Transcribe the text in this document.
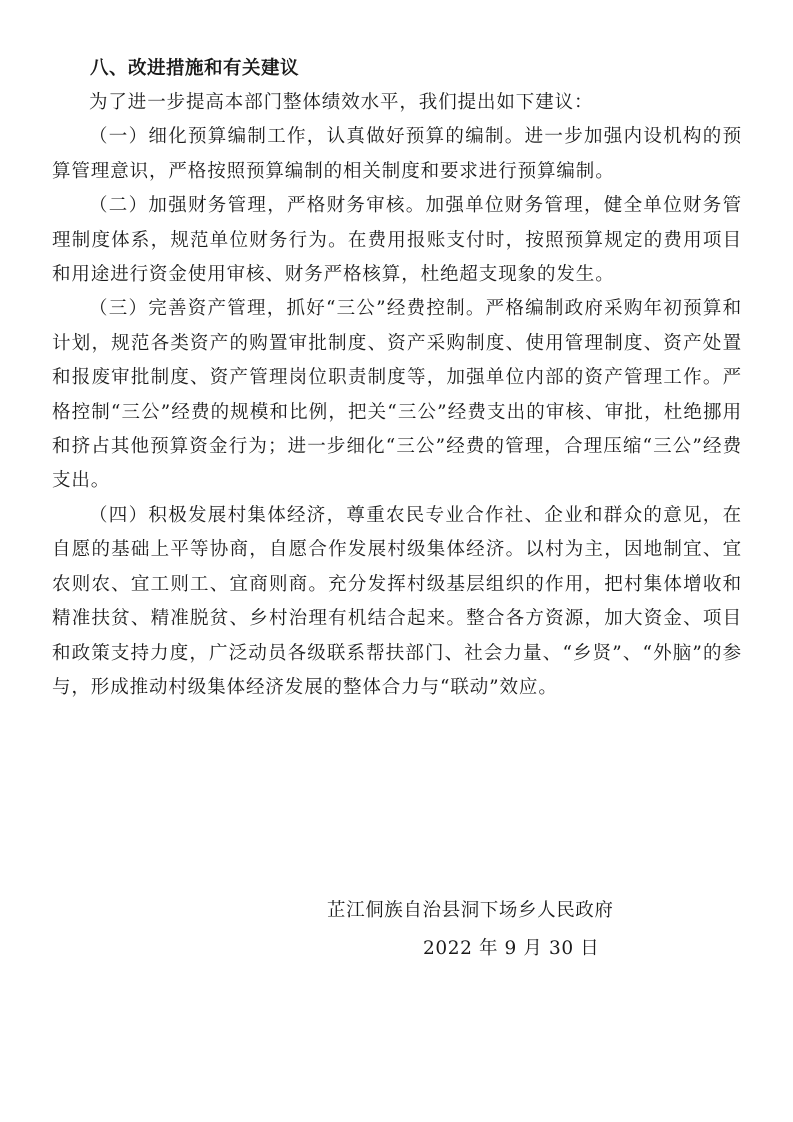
八、改进措施和有关建议

为了进一步提高本部门整体绩效水平，我们提出如下建议：

（一）细化预算编制工作，认真做好预算的编制。进一步加强内设机构的预算管理意识，严格按照预算编制的相关制度和要求进行预算编制。

（二）加强财务管理，严格财务审核。加强单位财务管理，健全单位财务管理制度体系，规范单位财务行为。在费用报账支付时，按照预算规定的费用项目和用途进行资金使用审核、财务严格核算，杜绝超支现象的发生。

（三）完善资产管理，抓好“三公”经费控制。严格编制政府采购年初预算和计划，规范各类资产的购置审批制度、资产采购制度、使用管理制度、资产处置和报废审批制度、资产管理岗位职责制度等，加强单位内部的资产管理工作。严格控制“三公”经费的规模和比例，把关“三公”经费支出的审核、审批，杜绝挪用和挤占其他预算资金行为；进一步细化“三公”经费的管理，合理压缩“三公”经费支出。

（四）积极发展村集体经济，尊重农民专业合作社、企业和群众的意见，在自愿的基础上平等协商，自愿合作发展村级集体经济。以村为主，因地制宜、宜农则农、宜工则工、宜商则商。充分发挥村级基层组织的作用，把村集体增收和精准扶贫、精准脱贫、乡村治理有机结合起来。整合各方资源，加大资金、项目和政策支持力度，广泛动员各级联系帮扶部门、社会力量、“乡贤”、“外脑”的参与，形成推动村级集体经济发展的整体合力与“联动”效应。

芷江侗族自治县洞下场乡人民政府
2022 年 9 月 30 日
